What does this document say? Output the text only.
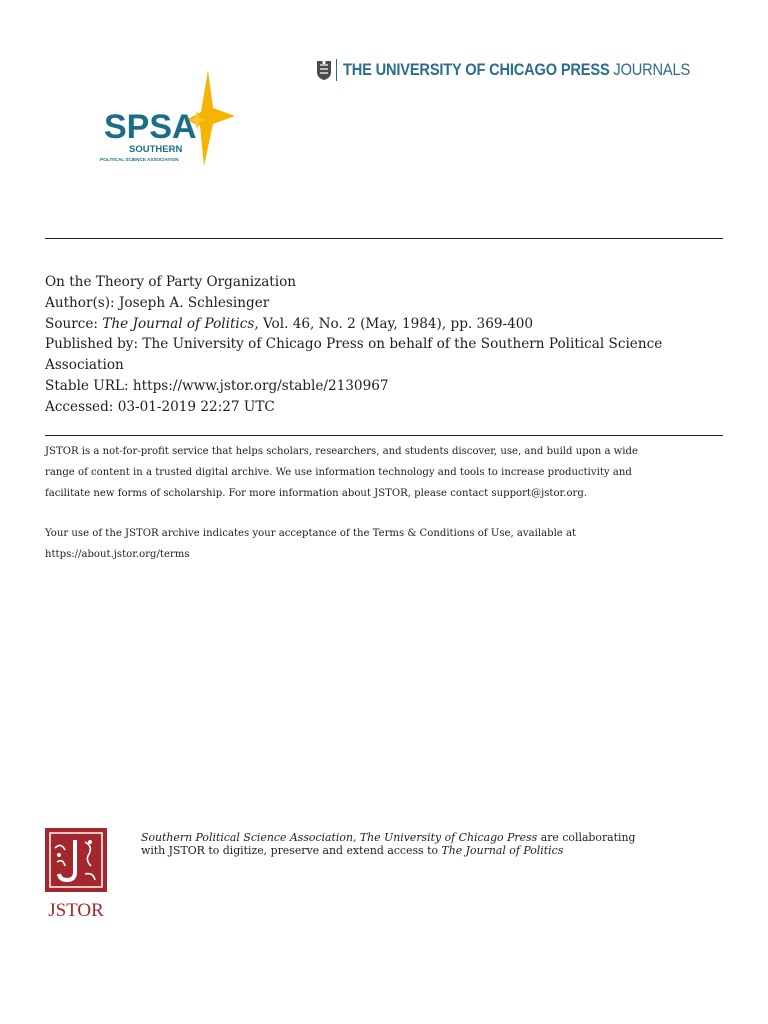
SPSA
SOUTHERN
POLITICAL SCIENCE ASSOCIATION
THE UNIVERSITY OF CHICAGO PRESS JOURNALS
On the Theory of Party Organization
Author(s): Joseph A. Schlesinger
Source: The Journal of Politics, Vol. 46, No. 2 (May, 1984), pp. 369-400
Published by: The University of Chicago Press on behalf of the Southern Political Science Association
Stable URL: https://www.jstor.org/stable/2130967
Accessed: 03-01-2019 22:27 UTC
JSTOR is a not-for-profit service that helps scholars, researchers, and students discover, use, and build upon a wide
range of content in a trusted digital archive. We use information technology and tools to increase productivity and
facilitate new forms of scholarship. For more information about JSTOR, please contact support@jstor.org.
Your use of the JSTOR archive indicates your acceptance of the Terms & Conditions of Use, available at
https://about.jstor.org/terms
JSTOR
Southern Political Science Association, The University of Chicago Press are collaborating
with JSTOR to digitize, preserve and extend access to The Journal of Politics
